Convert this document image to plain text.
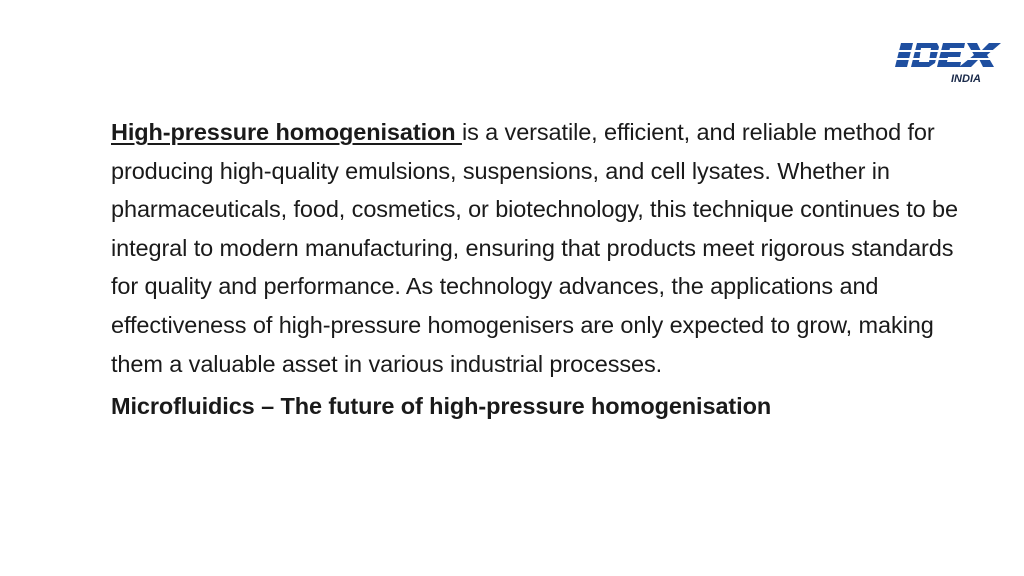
INDIA

High-pressure homogenisation is a versatile, efficient, and reliable method for producing high-quality emulsions, suspensions, and cell lysates. Whether in pharmaceuticals, food, cosmetics, or biotechnology, this technique continues to be integral to modern manufacturing, ensuring that products meet rigorous standards for quality and performance. As technology advances, the applications and effectiveness of high-pressure homogenisers are only expected to grow, making them a valuable asset in various industrial processes.

Microfluidics – The future of high-pressure homogenisation
